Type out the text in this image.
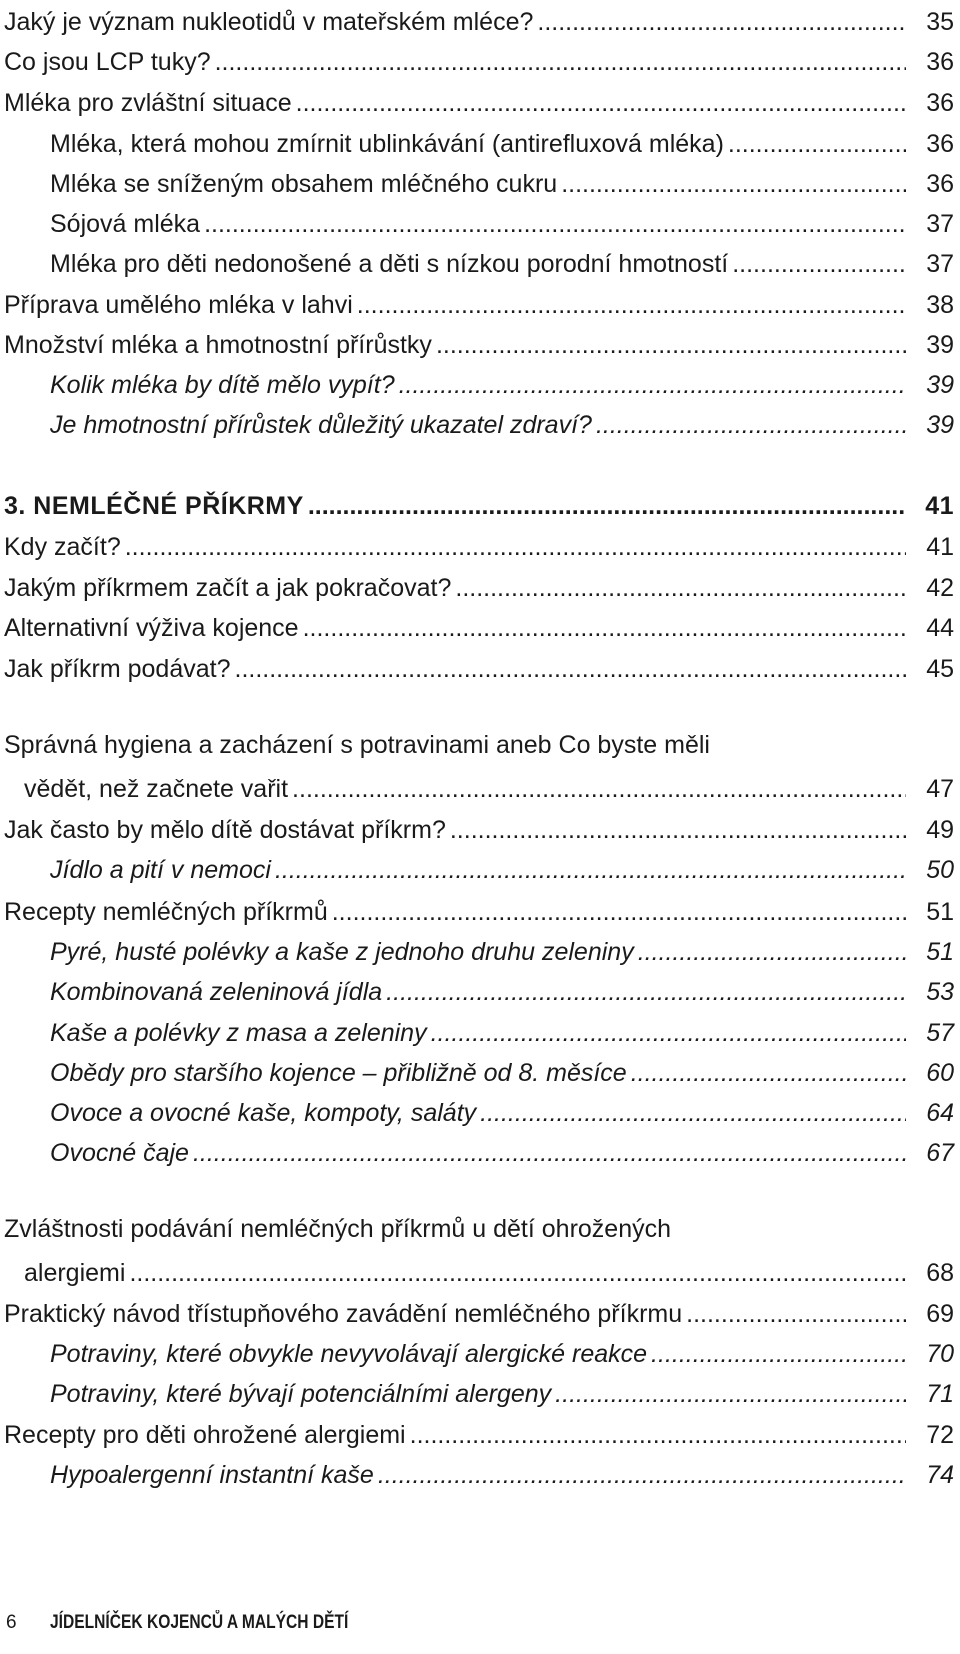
Jaký je význam nukleotidů v mateřském mléce? .....	35
Co jsou LCP tuky? .....	36
Mléka pro zvláštní situace .....	36
Mléka, která mohou zmírnit ublinkávání (antirefluxová mléka) .....	36
Mléka se sníženým obsahem mléčného cukru .....	36
Sójová mléka .....	37
Mléka pro děti nedonošené a děti s nízkou porodní hmotností .....	37
Příprava umělého mléka v lahvi .....	38
Množství mléka a hmotnostní přírůstky .....	39
Kolik mléka by dítě mělo vypít? .....	39
Je hmotnostní přírůstek důležitý ukazatel zdraví? .....	39
3. NEMLÉČNÉ PŘÍKRMY .....	41
Kdy začít? .....	41
Jakým příkrmem začít a jak pokračovat? .....	42
Alternativní výživa kojence .....	44
Jak příkrm podávat? .....	45
Správná hygiena a zacházení s potravinami aneb Co byste měli
vědět, než začnete vařit .....	47
Jak často by mělo dítě dostávat příkrm? .....	49
Jídlo a pití v nemoci .....	50
Recepty nemléčných příkrmů .....	51
Pyré, husté polévky a kaše z jednoho druhu zeleniny .....	51
Kombinovaná zeleninová jídla .....	53
Kaše a polévky z masa a zeleniny .....	57
Obědy pro staršího kojence – přibližně od 8. měsíce .....	60
Ovoce a ovocné kaše, kompoty, saláty .....	64
Ovocné čaje .....	67
Zvláštnosti podávání nemléčných příkrmů u dětí ohrožených
alergiemi .....	68
Praktický návod třístupňového zavádění nemléčného příkrmu .....	69
Potraviny, které obvykle nevyvolávají alergické reakce .....	70
Potraviny, které bývají potenciálními alergeny .....	71
Recepty pro děti ohrožené alergiemi .....	72
Hypoalergenní instantní kaše .....	74
6	JÍDELNÍČEK KOJENCŮ A MALÝCH DĚTÍ
